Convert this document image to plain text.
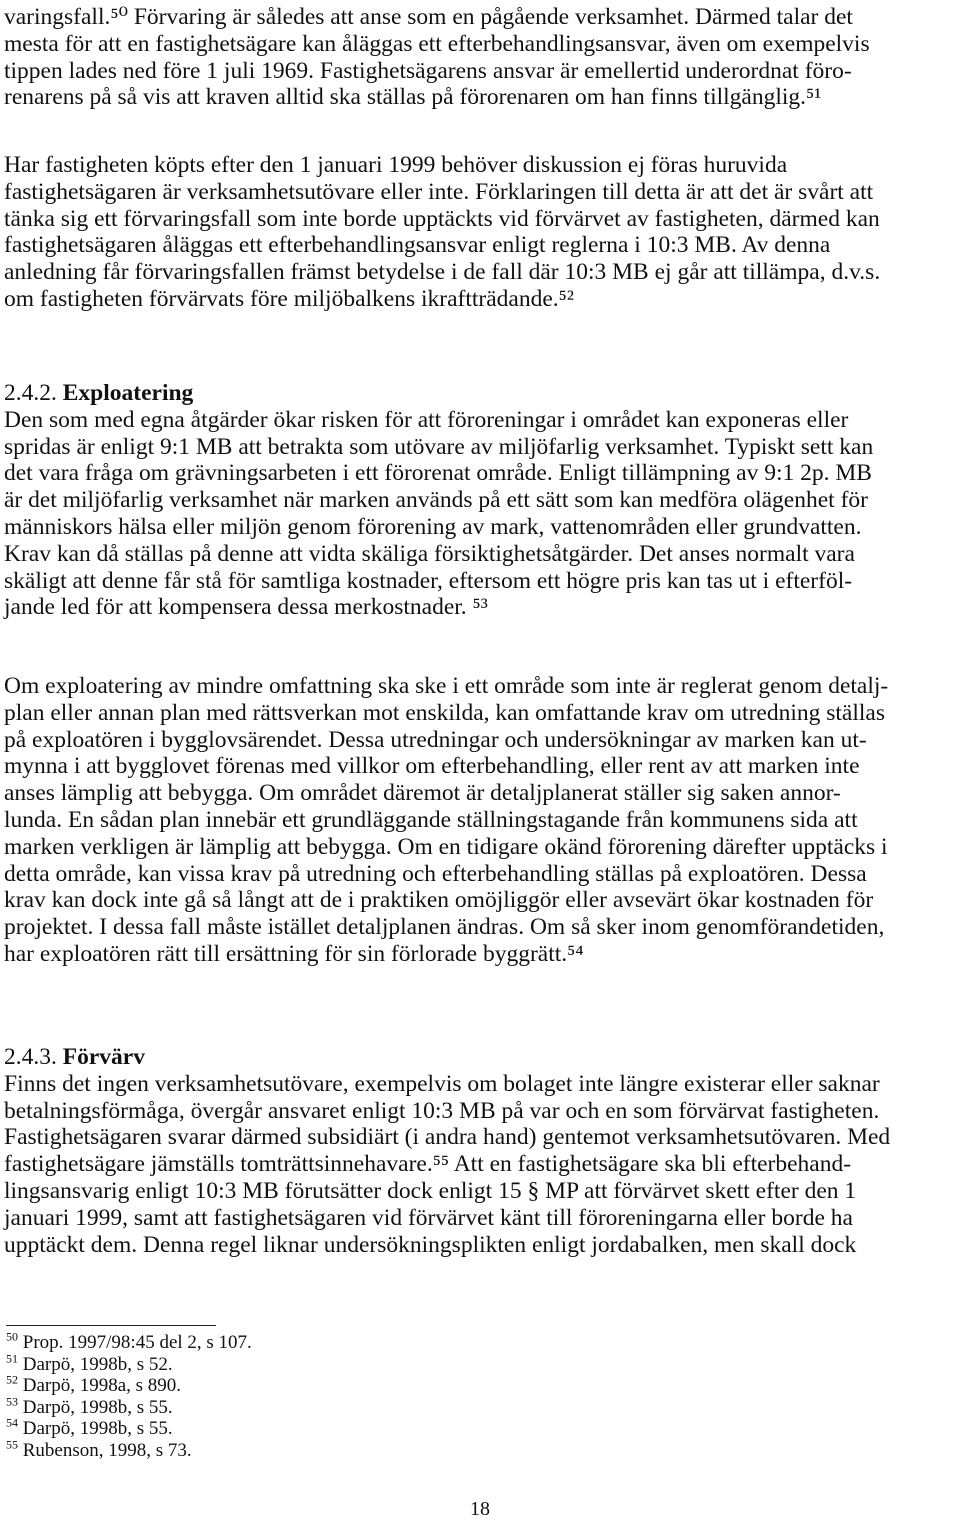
varingsfall.⁵⁰ Förvaring är således att anse som en pågående verksamhet. Därmed talar det
mesta för att en fastighetsägare kan åläggas ett efterbehandlingsansvar, även om exempelvis
tippen lades ned före 1 juli 1969. Fastighetsägarens ansvar är emellertid underordnat föro-
renarens på så vis att kraven alltid ska ställas på förorenaren om han finns tillgänglig.⁵¹
Har fastigheten köpts efter den 1 januari 1999 behöver diskussion ej föras huruvida
fastighetsägaren är verksamhetsutövare eller inte. Förklaringen till detta är att det är svårt att
tänka sig ett förvaringsfall som inte borde upptäckts vid förvärvet av fastigheten, därmed kan
fastighetsägaren åläggas ett efterbehandlingsansvar enligt reglerna i 10:3 MB. Av denna
anledning får förvaringsfallen främst betydelse i de fall där 10:3 MB ej går att tillämpa, d.v.s.
om fastigheten förvärvats före miljöbalkens ikraftträdande.⁵²
2.4.2. Exploatering
Den som med egna åtgärder ökar risken för att föroreningar i området kan exponeras eller
spridas är enligt 9:1 MB att betrakta som utövare av miljöfarlig verksamhet. Typiskt sett kan
det vara fråga om grävningsarbeten i ett förorenat område. Enligt tillämpning av 9:1 2p. MB
är det miljöfarlig verksamhet när marken används på ett sätt som kan medföra olägenhet för
människors hälsa eller miljön genom förorening av mark, vattenområden eller grundvatten.
Krav kan då ställas på denne att vidta skäliga försiktighetsåtgärder. Det anses normalt vara
skäligt att denne får stå för samtliga kostnader, eftersom ett högre pris kan tas ut i efterföl-
jande led för att kompensera dessa merkostnader. ⁵³
Om exploatering av mindre omfattning ska ske i ett område som inte är reglerat genom detalj-
plan eller annan plan med rättsverkan mot enskilda, kan omfattande krav om utredning ställas
på exploatören i bygglovsärendet. Dessa utredningar och undersökningar av marken kan ut-
mynna i att bygglovet förenas med villkor om efterbehandling, eller rent av att marken inte
anses lämplig att bebygga. Om området däremot är detaljplanerat ställer sig saken annor-
lunda. En sådan plan innebär ett grundläggande ställningstagande från kommunens sida att
marken verkligen är lämplig att bebygga. Om en tidigare okänd förorening därefter upptäcks i
detta område, kan vissa krav på utredning och efterbehandling ställas på exploatören. Dessa
krav kan dock inte gå så långt att de i praktiken omöjliggör eller avsevärt ökar kostnaden för
projektet. I dessa fall måste istället detaljplanen ändras. Om så sker inom genomförandetiden,
har exploatören rätt till ersättning för sin förlorade byggrätt.⁵⁴
2.4.3. Förvärv
Finns det ingen verksamhetsutövare, exempelvis om bolaget inte längre existerar eller saknar
betalningsförmåga, övergår ansvaret enligt 10:3 MB på var och en som förvärvat fastigheten.
Fastighetsägaren svarar därmed subsidiärt (i andra hand) gentemot verksamhetsutövaren. Med
fastighetsägare jämställs tomträttsinnehavare.⁵⁵ Att en fastighetsägare ska bli efterbehand-
lingsansvarig enligt 10:3 MB förutsätter dock enligt 15 § MP att förvärvet skett efter den 1
januari 1999, samt att fastighetsägaren vid förvärvet känt till föroreningarna eller borde ha
upptäckt dem. Denna regel liknar undersökningsplikten enligt jordabalken, men skall dock
$^{50}$ Prop. 1997/98:45 del 2, s 107.
$^{51}$ Darpö, 1998b, s 52.
$^{52}$ Darpö, 1998a, s 890.
$^{53}$ Darpö, 1998b, s 55.
$^{54}$ Darpö, 1998b, s 55.
$^{55}$ Rubenson, 1998, s 73.
18
